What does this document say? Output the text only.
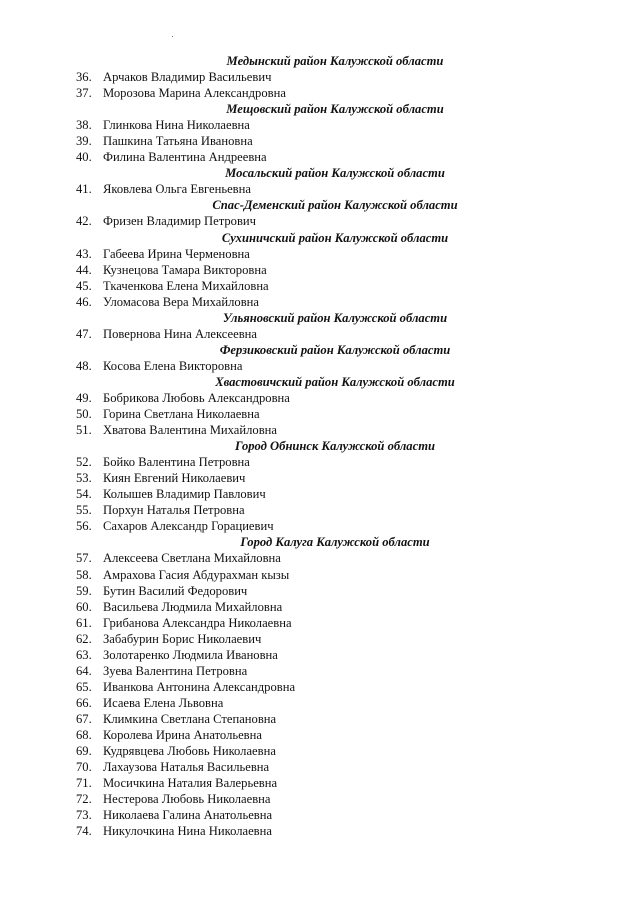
Медынский район Калужской области
36. Арчаков Владимир Васильевич
37. Морозова Марина Александровна
Мещовский район Калужской области
38. Глинкова Нина Николаевна
39. Пашкина Татьяна Ивановна
40. Филина Валентина Андреевна
Мосальский район Калужской области
41. Яковлева Ольга Евгеньевна
Спас-Деменский район Калужской области
42. Фризен Владимир Петрович
Сухиничский район Калужской области
43. Габеева Ирина Черменовна
44. Кузнецова Тамара Викторовна
45. Ткаченкова Елена Михайловна
46. Уломасова Вера Михайловна
Ульяновский район Калужской области
47. Повернова Нина Алексеевна
Ферзиковский район Калужской области
48. Косова Елена Викторовна
Хвастовичский район Калужской области
49. Бобрикова Любовь Александровна
50. Горина Светлана Николаевна
51. Хватова Валентина Михайловна
Город Обнинск Калужской области
52. Бойко Валентина Петровна
53. Киян Евгений Николаевич
54. Колышев Владимир Павлович
55. Порхун Наталья Петровна
56. Сахаров Александр Горациевич
Город Калуга Калужской области
57. Алексеева Светлана Михайловна
58. Амрахова Гасия Абдурахман кызы
59. Бутин Василий Федорович
60. Васильева Людмила Михайловна
61. Грибанова Александра Николаевна
62. Забабурин Борис Николаевич
63. Золотаренко Людмила Ивановна
64. Зуева Валентина Петровна
65. Иванкова Антонина Александровна
66. Исаева Елена Львовна
67. Климкина Светлана Степановна
68. Королева Ирина Анатольевна
69. Кудрявцева Любовь Николаевна
70. Лахаузова Наталья Васильевна
71. Мосичкина Наталия Валерьевна
72. Нестерова Любовь Николаевна
73. Николаева Галина Анатольевна
74. Никулочкина Нина Николаевна
